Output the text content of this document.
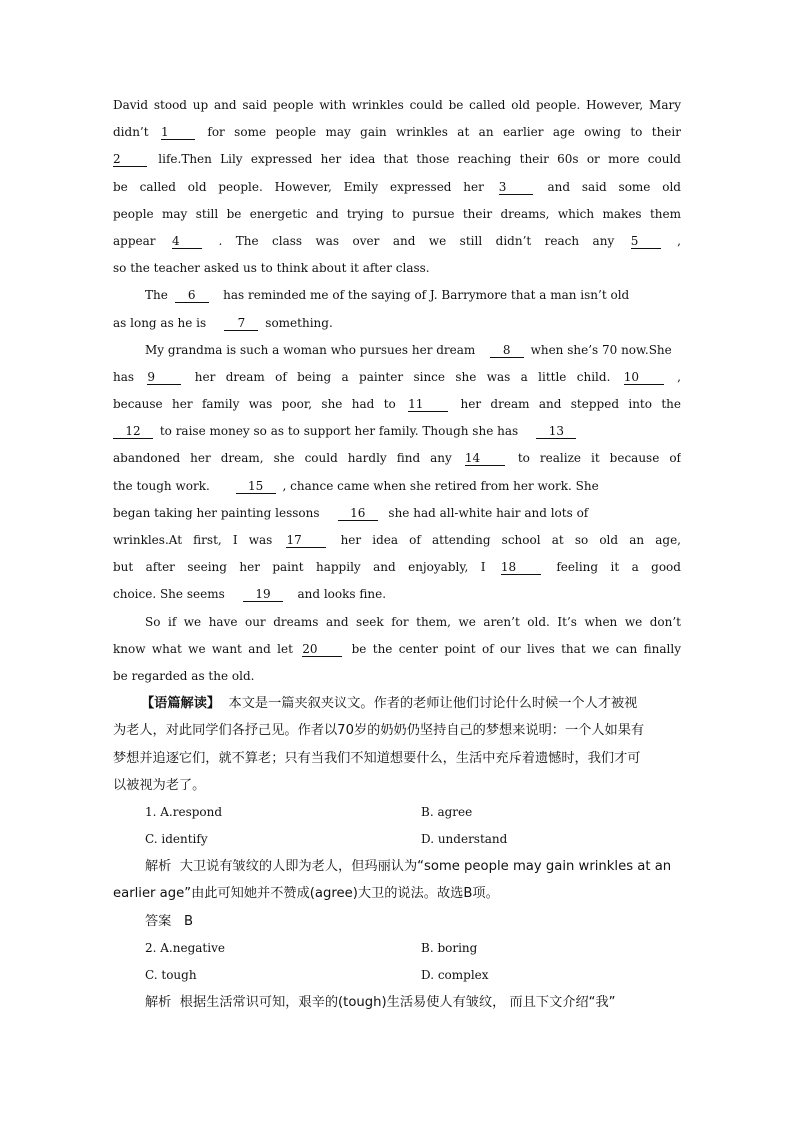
David stood up and said people with wrinkles could be called old people. However, Mary
didn’t 1	for some people may gain wrinkles at an earlier age owing to their
2	life.Then Lily expressed her idea that those reaching their 60s or more could
be called old people. However, Emily expressed her 3	and said some old
people may still be energetic and trying to pursue their dreams, which makes them
appear 4	. The class was over and we still didn’t reach any 5	,
so the teacher asked us to think about it after class.
The 6 has reminded me of the saying of J. Barrymore that a man isn’t old
as long as he is	7 something.
My grandma is such a woman who pursues her dream 8 when she’s 70 now.She
has 9	her dream of being a painter since she was a little child. 10	,
because her family was poor, she had to 11	her dream and stepped into the
12 to raise money so as to support her family. Though she has	13
abandoned her dream, she could hardly find any 14	to realize it because of
the tough work.	15 , chance came when she retired from her work. She
began taking her painting lessons	16 she had all-white hair and lots of
wrinkles.At first, I was 17	her idea of attending school at so old an age,
but after seeing her paint happily and enjoyably, I 18	feeling it a good
choice. She seems	19 and looks fine.
So if we have our dreams and seek for them, we aren’t old. It’s when we don’t
know what we want and let 20	be the center point of our lives that we can finally
be regarded as the old.
【语篇解读】 本文是一篇夹叙夹议文。作者的老师让他们讨论什么时候一个人才被视
为老人，对此同学们各抒己见。作者以70岁的奶奶仍坚持自己的梦想来说明：一个人如果有
梦想并追逐它们，就不算老；只有当我们不知道想要什么，生活中充斥着遗憾时，我们才可
以被视为老了。
1. A.respond	B. agree
C. identify	D. understand
解析 大卫说有皱纹的人即为老人，但玛丽认为“some people may gain wrinkles at an
earlier age”由此可知她并不赞成(agree)大卫的说法。故选B项。
答案 B
2. A.negative	B. boring
C. tough	D. complex
解析 根据生活常识可知，艰辛的(tough)生活易使人有皱纹， 而且下文介绍“我”
